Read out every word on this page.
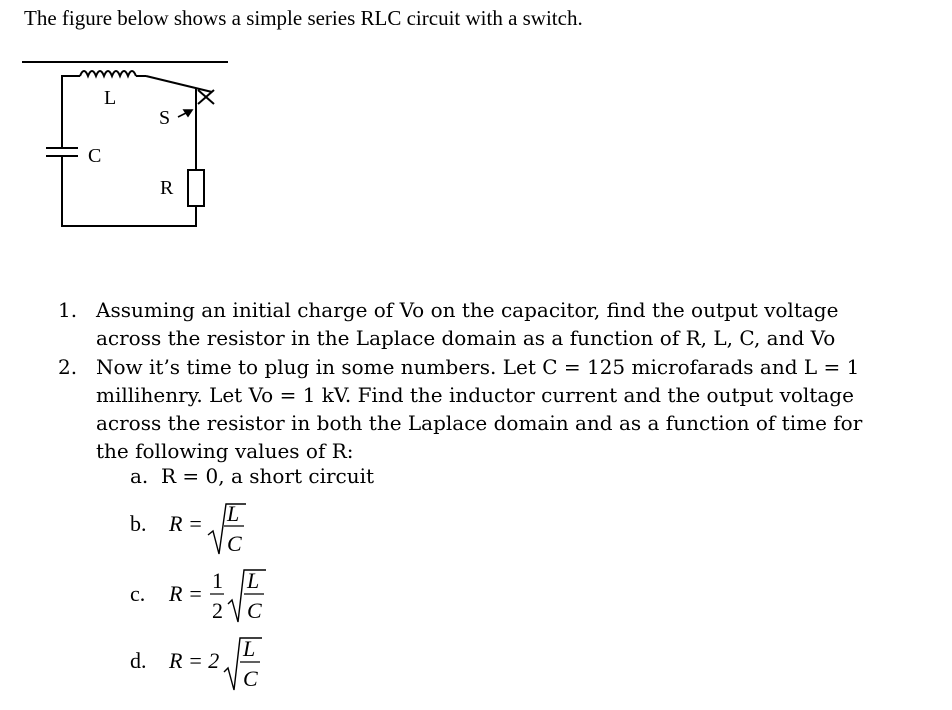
The figure below shows a simple series RLC circuit with a switch.
L
S
C
R
1. Assuming an initial charge of Vo on the capacitor, find the output voltage
across the resistor in the Laplace domain as a function of R, L, C, and Vo
2. Now it’s time to plug in some numbers. Let C = 125 microfarads and L = 1
millihenry. Let Vo = 1 kV. Find the inductor current and the output voltage
across the resistor in both the Laplace domain and as a function of time for
the following values of R:
a. R = 0, a short circuit
b. R = L
C
c. R =
1
2
L
C
d. R = 2 L
C
